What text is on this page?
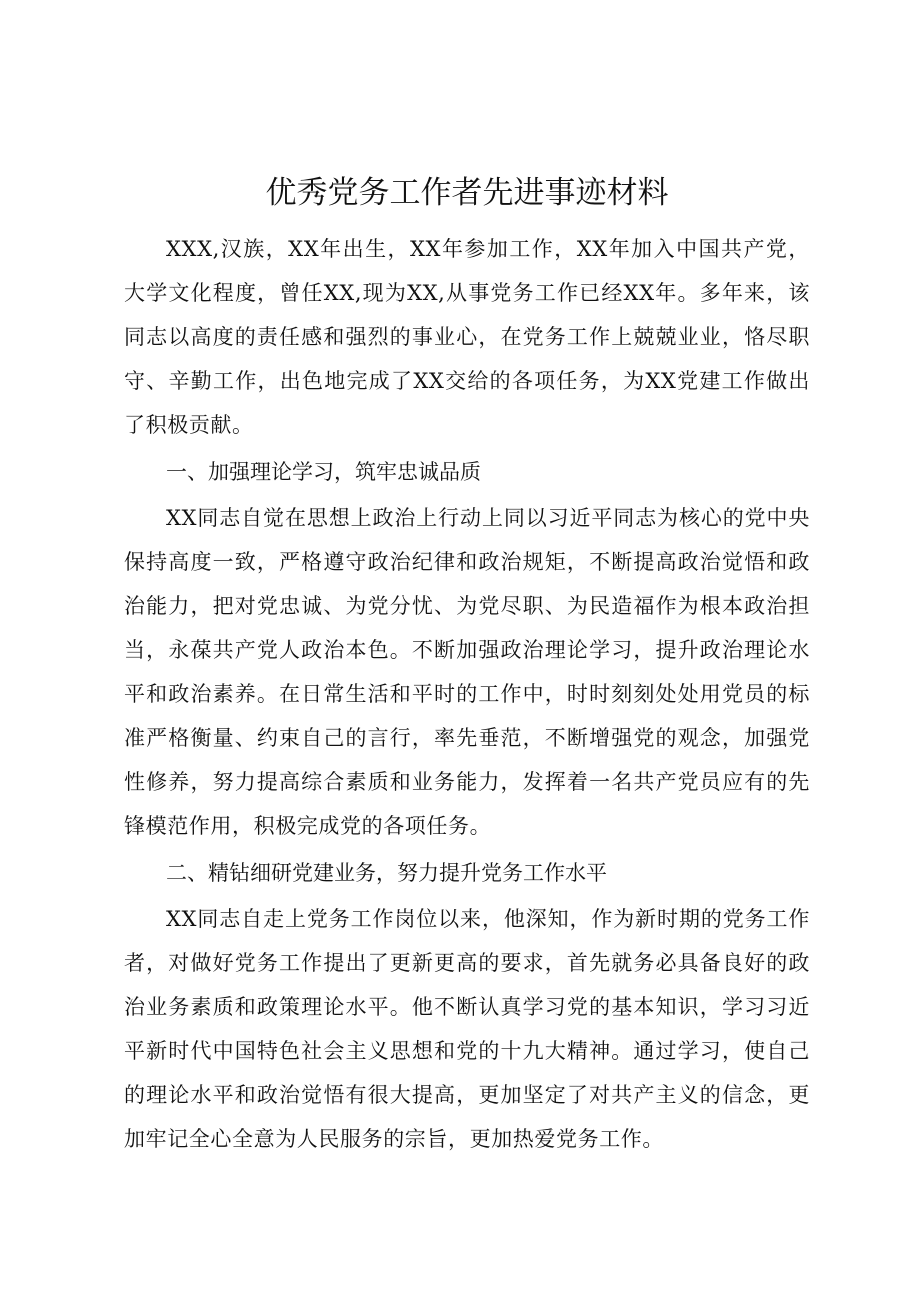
优秀党务工作者先进事迹材料

XXX,汉族，XX年出生，XX年参加工作，XX年加入中国共产党，大学文化程度，曾任XX,现为XX,从事党务工作已经XX年。多年来，该同志以高度的责任感和强烈的事业心，在党务工作上兢兢业业，恪尽职守、辛勤工作，出色地完成了XX交给的各项任务，为XX党建工作做出了积极贡献。

一、加强理论学习，筑牢忠诚品质

XX同志自觉在思想上政治上行动上同以习近平同志为核心的党中央保持高度一致，严格遵守政治纪律和政治规矩，不断提高政治觉悟和政治能力，把对党忠诚、为党分忧、为党尽职、为民造福作为根本政治担当，永葆共产党人政治本色。不断加强政治理论学习，提升政治理论水平和政治素养。在日常生活和平时的工作中，时时刻刻处处用党员的标准严格衡量、约束自己的言行，率先垂范，不断增强党的观念，加强党性修养，努力提高综合素质和业务能力，发挥着一名共产党员应有的先锋模范作用，积极完成党的各项任务。

二、精钻细研党建业务，努力提升党务工作水平

XX同志自走上党务工作岗位以来，他深知，作为新时期的党务工作者，对做好党务工作提出了更新更高的要求，首先就务必具备良好的政治业务素质和政策理论水平。他不断认真学习党的基本知识，学习习近平新时代中国特色社会主义思想和党的十九大精神。通过学习，使自己的理论水平和政治觉悟有很大提高，更加坚定了对共产主义的信念，更加牢记全心全意为人民服务的宗旨，更加热爱党务工作。
